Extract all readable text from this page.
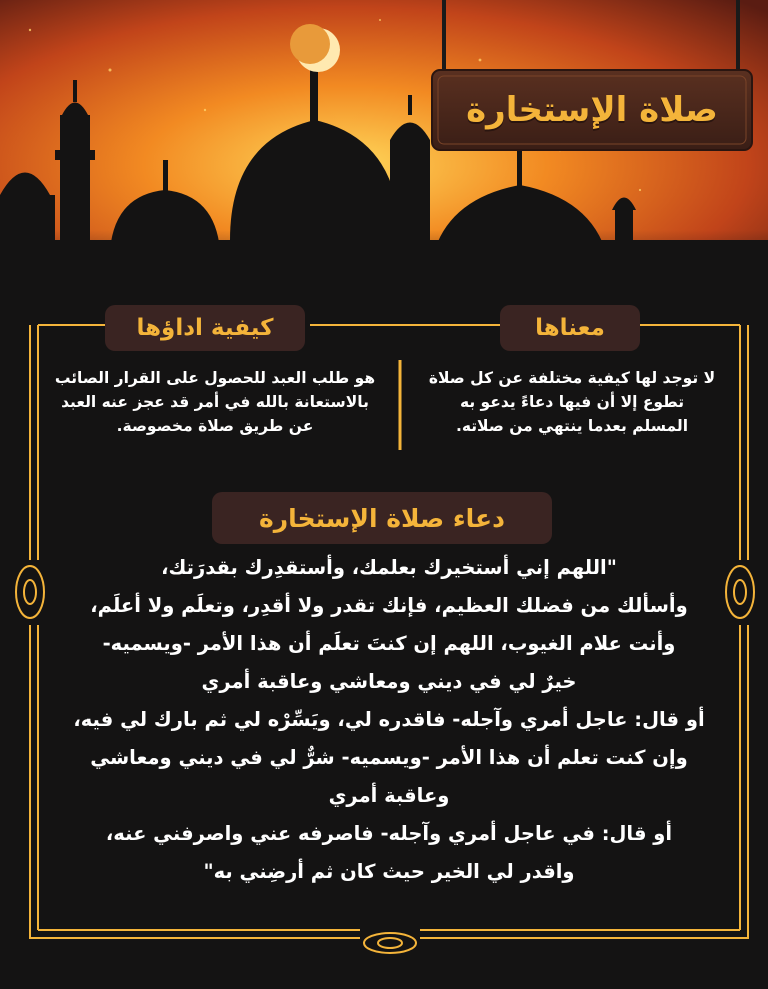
صلاة الإستخارة
كيفية اداؤها	معناها
لا توجد لها كيفية مختلفة عن كل صلاة
تطوع إلا أن فيها دعاءً يدعو به
المسلم بعدما ينتهي من صلاته.
هو طلب العبد للحصول على القرار الصائب
بالاستعانة بالله في أمر قد عجز عنه العبد
عن طريق صلاة مخصوصة.
دعاء صلاة الإستخارة
"اللهم إني أستخيرك بعلمك، وأستقدِرك بقدرَتك،
وأسألك من فضلك العظيم، فإنك تقدر ولا أقدِر، وتعلَم ولا أعلَم،
وأنت علام الغيوب، اللهم إن كنتَ تعلَم أن هذا الأمر -ويسميه-
خيرٌ لي في ديني ومعاشي وعاقبة أمري
أو قال: عاجل أمري وآجله- فاقدره لي، ويَسِّرْه لي ثم بارك لي فيه،
وإن كنت تعلم أن هذا الأمر -ويسميه- شرٌّ لي في ديني ومعاشي
وعاقبة أمري
أو قال: في عاجل أمري وآجله- فاصرفه عني واصرفني عنه،
واقدر لي الخير حيث كان ثم أرضِني به"
